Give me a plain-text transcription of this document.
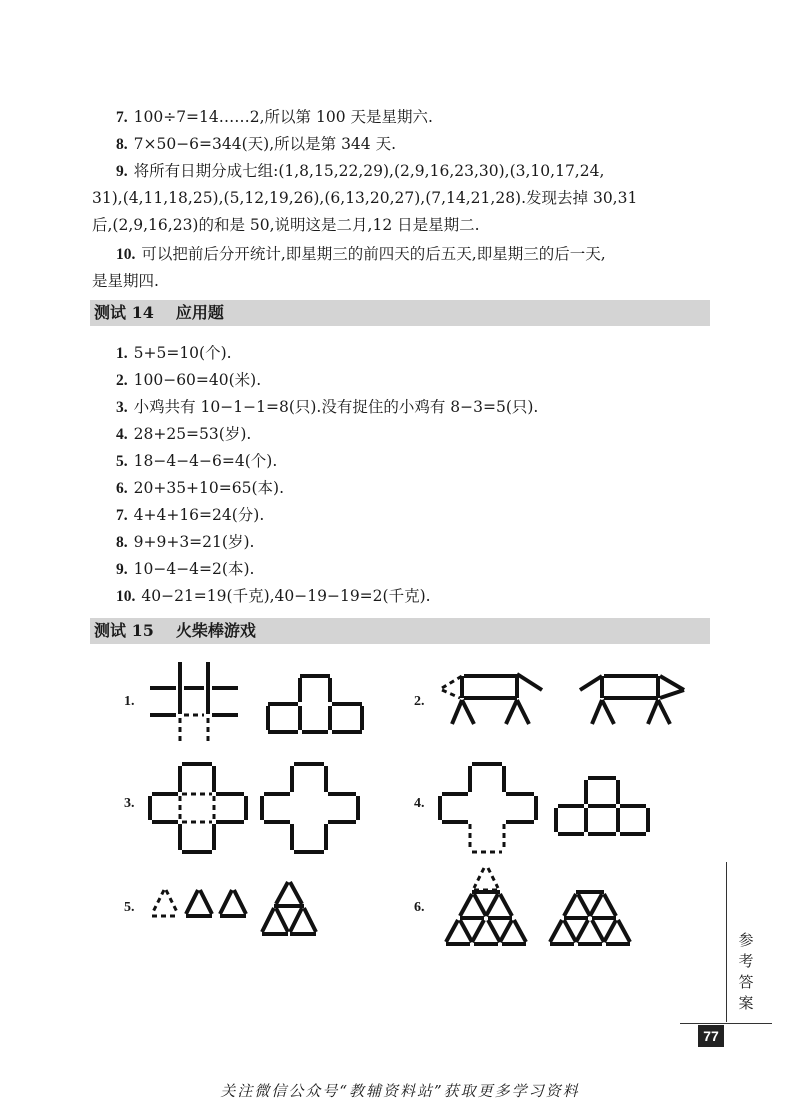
7. 100÷7=14……2,所以第 100 天是星期六.
8. 7×50−6=344(天),所以是第 344 天.
9. 将所有日期分成七组:(1,8,15,22,29),(2,9,16,23,30),(3,10,17,24,
31),(4,11,18,25),(5,12,19,26),(6,13,20,27),(7,14,21,28).发现去掉 30,31
后,(2,9,16,23)的和是 50,说明这是二月,12 日是星期二.
10. 可以把前后分开统计,即星期三的前四天的后五天,即星期三的后一天,
是星期四.
测试 14 应用题
1. 5+5=10(个).
2. 100−60=40(米).
3. 小鸡共有 10−1−1=8(只).没有捉住的小鸡有 8−3=5(只).
4. 28+25=53(岁).
5. 18−4−4−6=4(个).
6. 20+35+10=65(本).
7. 4+4+16=24(分).
8. 9+9+3=21(岁).
9. 10−4−4=2(本).
10. 40−21=19(千克),40−19−19=2(千克).
测试 15 火柴棒游戏
1.	2.
3.	4.
5.	6.
参考答案
77
关注微信公众号“教辅资料站”获取更多学习资料
